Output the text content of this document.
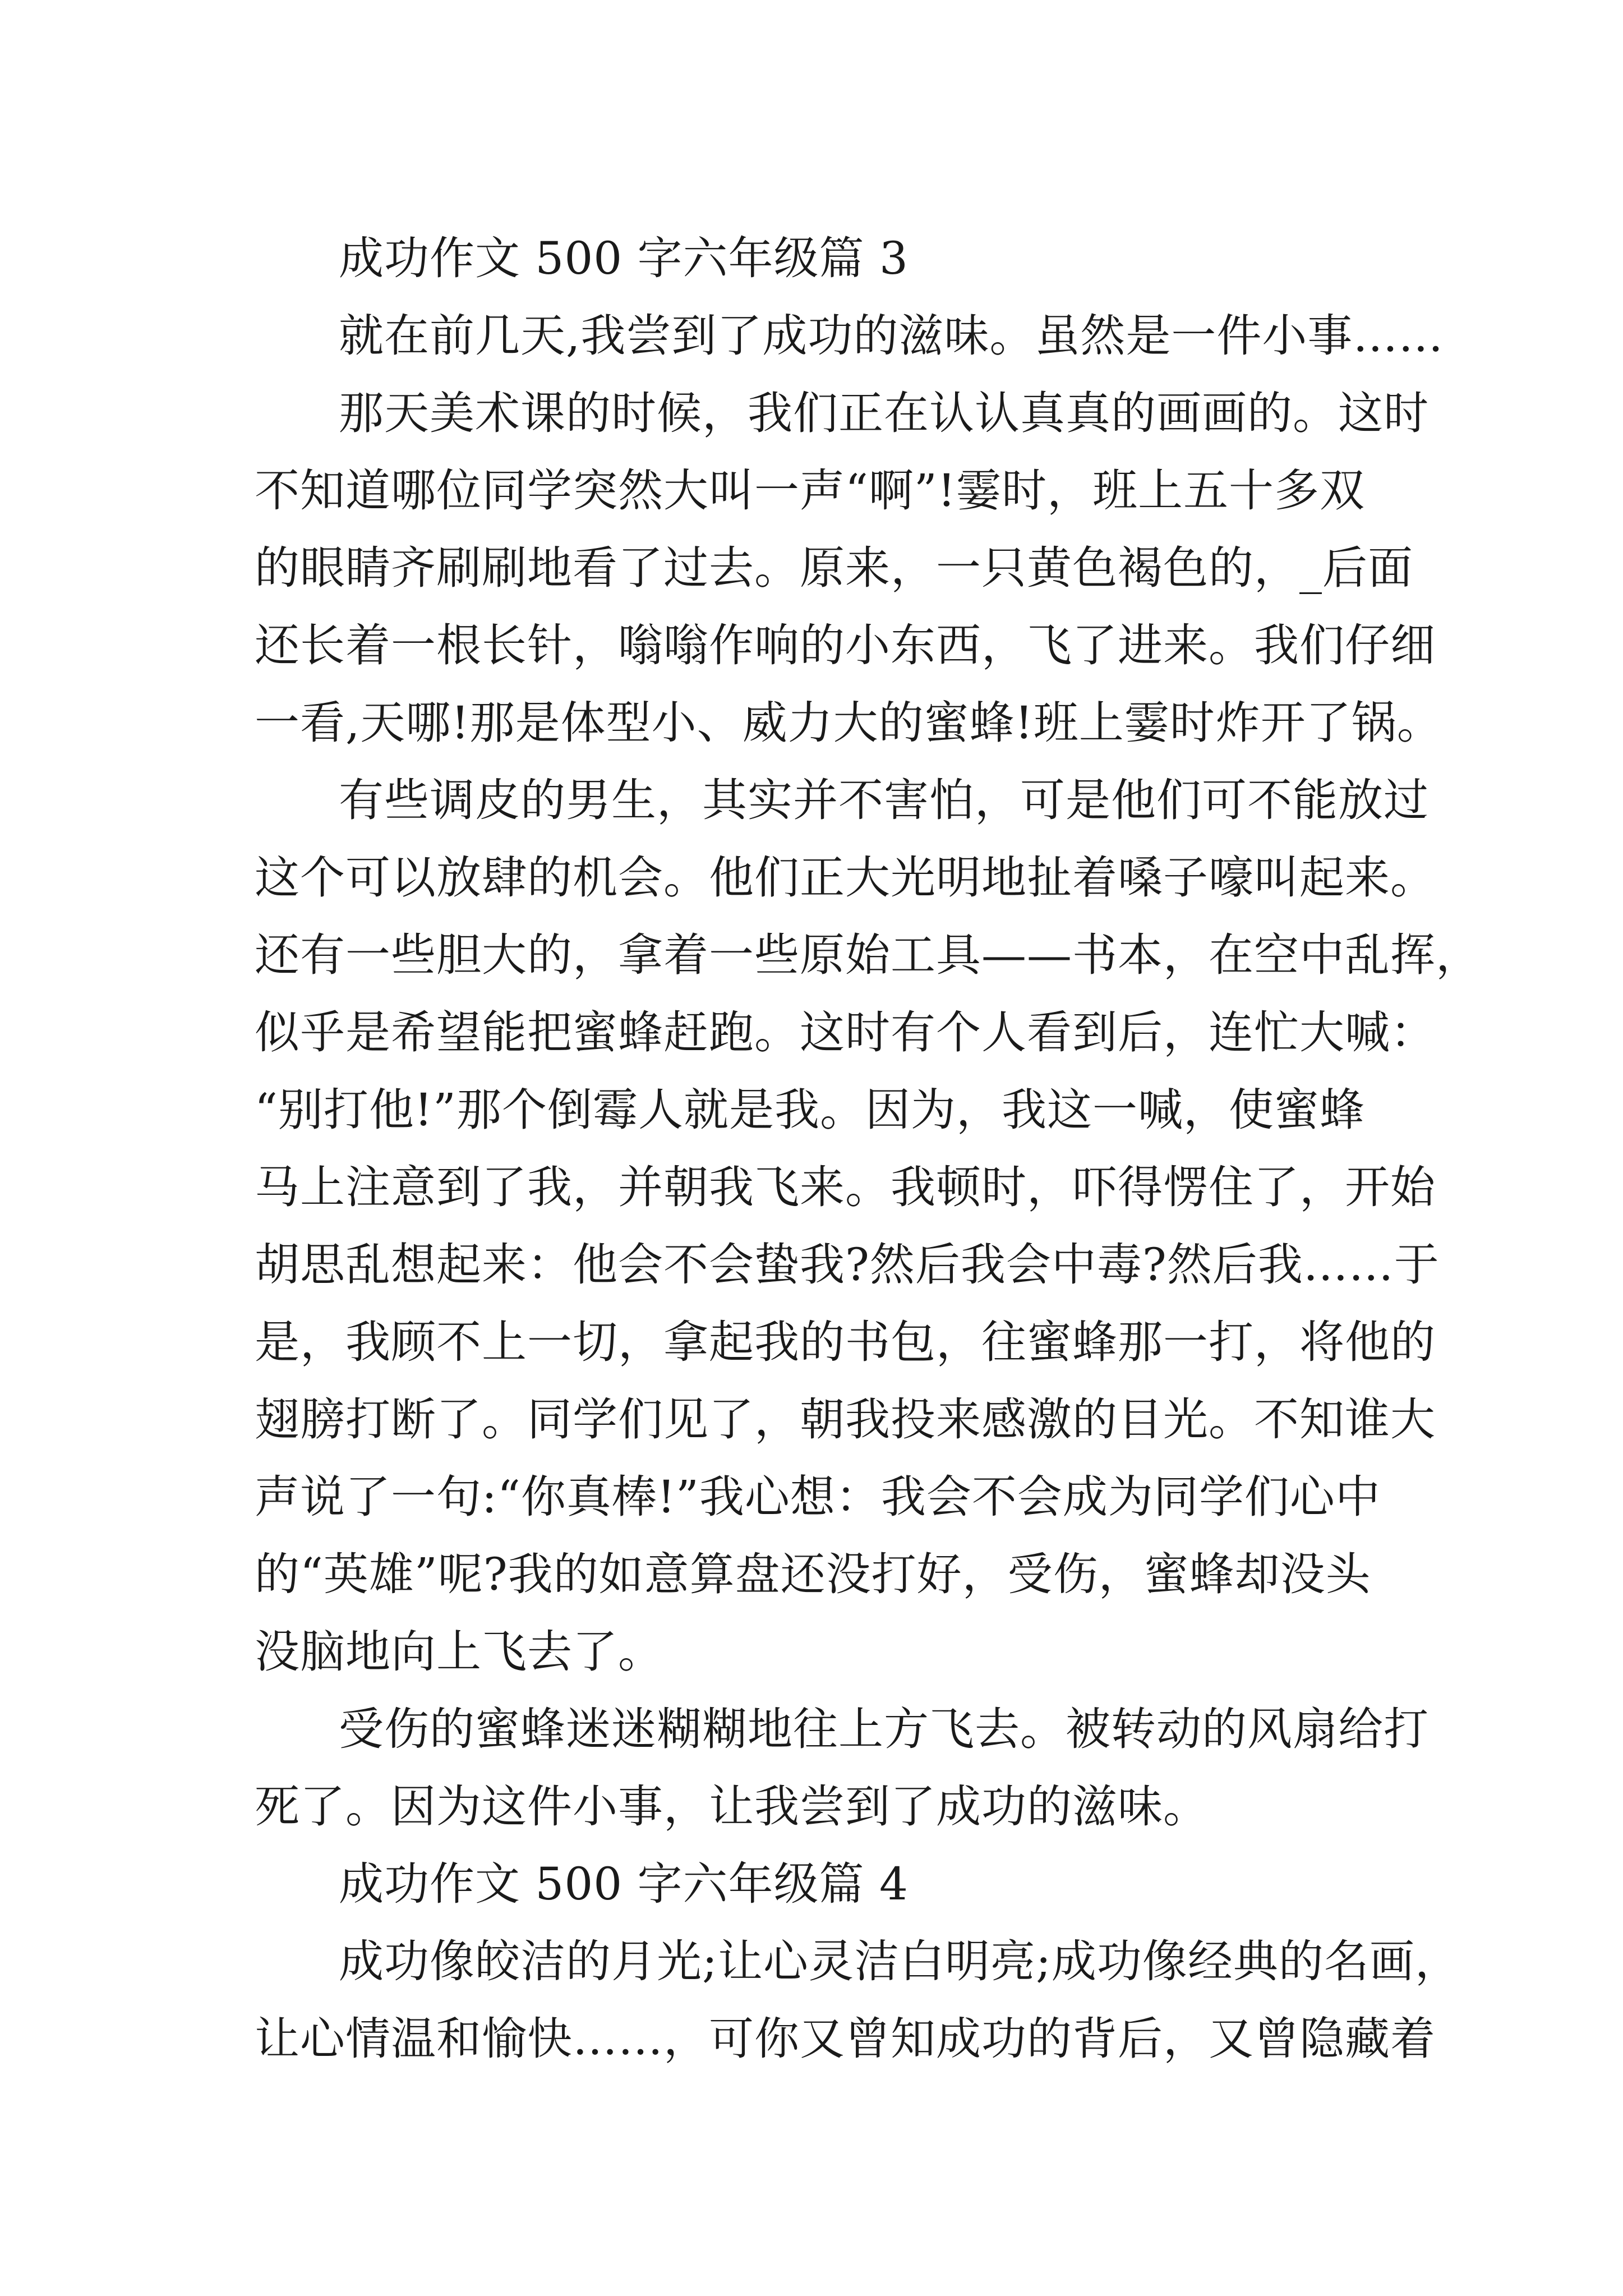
成功作文 500 字六年级篇 3
就在前几天,我尝到了成功的滋味。虽然是一件小事……
那天美术课的时候，我们正在认认真真的画画的。这时
不知道哪位同学突然大叫一声“啊”!霎时，班上五十多双
的眼睛齐刷刷地看了过去。原来，一只黄色褐色的，_后面
还长着一根长针，嗡嗡作响的小东西，飞了进来。我们仔细
一看,天哪!那是体型小、威力大的蜜蜂!班上霎时炸开了锅。
有些调皮的男生，其实并不害怕，可是他们可不能放过
这个可以放肆的机会。他们正大光明地扯着嗓子嚎叫起来。
还有一些胆大的，拿着一些原始工具——书本，在空中乱挥，
似乎是希望能把蜜蜂赶跑。这时有个人看到后，连忙大喊：
“别打他!”那个倒霉人就是我。因为，我这一喊，使蜜蜂
马上注意到了我，并朝我飞来。我顿时，吓得愣住了，开始
胡思乱想起来：他会不会蛰我?然后我会中毒?然后我……于
是，我顾不上一切，拿起我的书包，往蜜蜂那一打，将他的
翅膀打断了。同学们见了，朝我投来感激的目光。不知谁大
声说了一句:“你真棒!”我心想：我会不会成为同学们心中
的“英雄”呢?我的如意算盘还没打好，受伤，蜜蜂却没头
没脑地向上飞去了。
受伤的蜜蜂迷迷糊糊地往上方飞去。被转动的风扇给打
死了。因为这件小事，让我尝到了成功的滋味。
成功作文 500 字六年级篇 4
成功像皎洁的月光;让心灵洁白明亮;成功像经典的名画，
让心情温和愉快……，可你又曾知成功的背后，又曾隐藏着
